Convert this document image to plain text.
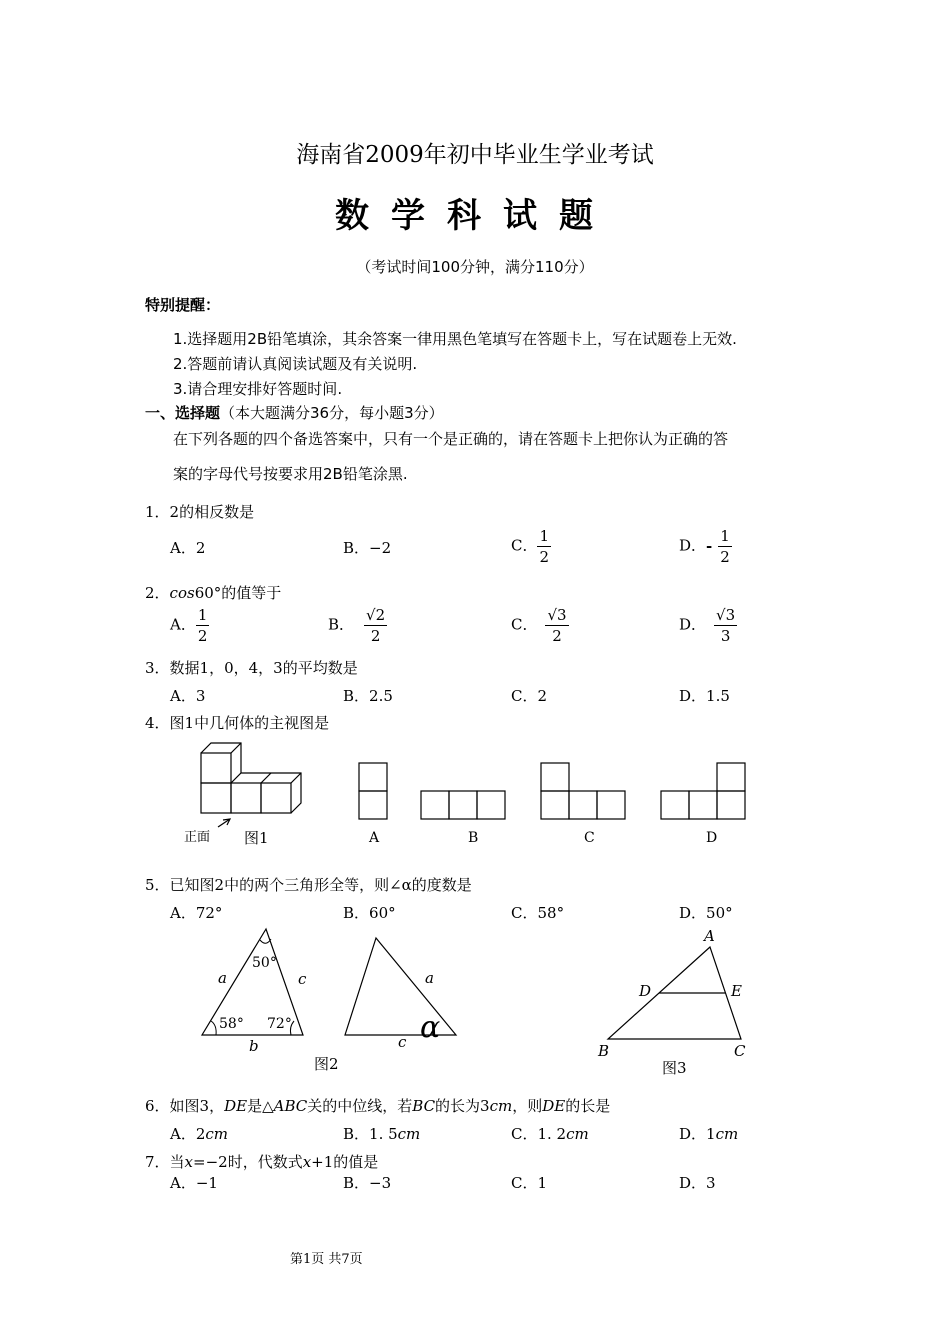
海南省2009年初中毕业生学业考试
数学科试题
（考试时间100分钟，满分110分）
特别提醒：
1.选择题用2B铅笔填涂，其余答案一律用黑色笔填写在答题卡上，写在试题卷上无效.
2.答题前请认真阅读试题及有关说明.
3.请合理安排好答题时间.
一、选择题（本大题满分36分，每小题3分）
在下列各题的四个备选答案中，只有一个是正确的，请在答题卡上把你认为正确的答
案的字母代号按要求用2B铅笔涂黑.
1．2的相反数是
A．2	B．−2	C． $\frac{1}{2}$	D．- $\frac{1}{2}$
2．cos60°的值等于
A． $\frac{1}{2}$	B． $\frac{√2}{2}$	C． $\frac{√3}{2}$	D． $\frac{√3}{3}$
3．数据1，0，4，3的平均数是
A．3	B．2.5	C．2	D．1.5
4．图1中几何体的主视图是
正面 图1	A	B	C	D
5．已知图2中的两个三角形全等，则∠α的度数是
A．72°	B．60°	C．58°	D．50°
50°
58° 72°
a	c
b
a
c α
图2
A
B	C
D	E
图3
6．如图3，DE是△ABC关的中位线，若BC的长为3cm，则DE的长是
A．2cm	B．1. 5cm	C．1. 2cm	D．1cm
7．当x=−2时，代数式x+1的值是
A．−1	B．−3	C．1	D．3
第1页 共7页
